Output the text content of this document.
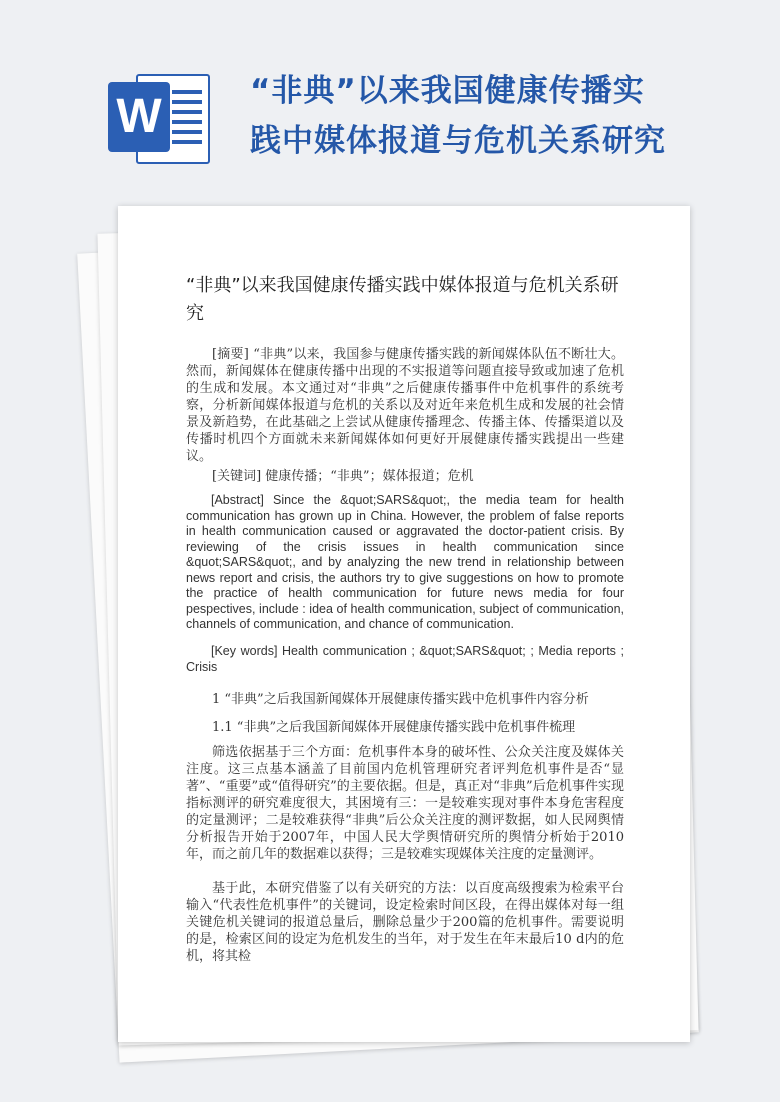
W	“非典”以来我国健康传播实
践中媒体报道与危机关系研究
“非典”以来我国健康传播实践中媒体报道与危机关系研究

[摘要] “非典”以来，我国参与健康传播实践的新闻媒体队伍不断壮大。然而，新闻媒体在健康传播中出现的不实报道等问题直接导致或加速了危机的生成和发展。本文通过对“非典”之后健康传播事件中危机事件的系统考察，分析新闻媒体报道与危机的关系以及对近年来危机生成和发展的社会情景及新趋势，在此基础之上尝试从健康传播理念、传播主体、传播渠道以及传播时机四个方面就未来新闻媒体如何更好开展健康传播实践提出一些建议。

[关键词] 健康传播；“非典”；媒体报道；危机

[Abstract] Since the &quot;SARS&quot;, the media team for health communication has grown up in China. However, the problem of false reports in health communication caused or aggravated the doctor-patient crisis. By reviewing of the crisis issues in health communication since &quot;SARS&quot;, and by analyzing the new trend in relationship between news report and crisis, the authors try to give suggestions on how to promote the practice of health communication for future news media for four pespectives, include : idea of health communication, subject of communication, channels of communication, and chance of communication.

[Key words] Health communication ; &quot;SARS&quot; ; Media reports ; Crisis

1 “非典”之后我国新闻媒体开展健康传播实践中危机事件内容分析
1.1 “非典”之后我国新闻媒体开展健康传播实践中危机事件梳理

筛选依据基于三个方面：危机事件本身的破坏性、公众关注度及媒体关注度。这三点基本涵盖了目前国内危机管理研究者评判危机事件是否“显著”、“重要”或“值得研究”的主要依据。但是，真正对“非典”后危机事件实现指标测评的研究难度很大，其困境有三：一是较难实现对事件本身危害程度的定量测评；二是较难获得“非典”后公众关注度的测评数据，如人民网舆情分析报告开始于2007年，中国人民大学舆情研究所的舆情分析始于2010年，而之前几年的数据难以获得；三是较难实现媒体关注度的定量测评。

基于此，本研究借鉴了以有关研究的方法：以百度高级搜索为检索平台输入“代表性危机事件”的关键词，设定检索时间区段，在得出媒体对每一组关键危机关键词的报道总量后，删除总量少于200篇的危机事件。需要说明的是，检索区间的设定为危机发生的当年，对于发生在年末最后10 d内的危机，将其检
